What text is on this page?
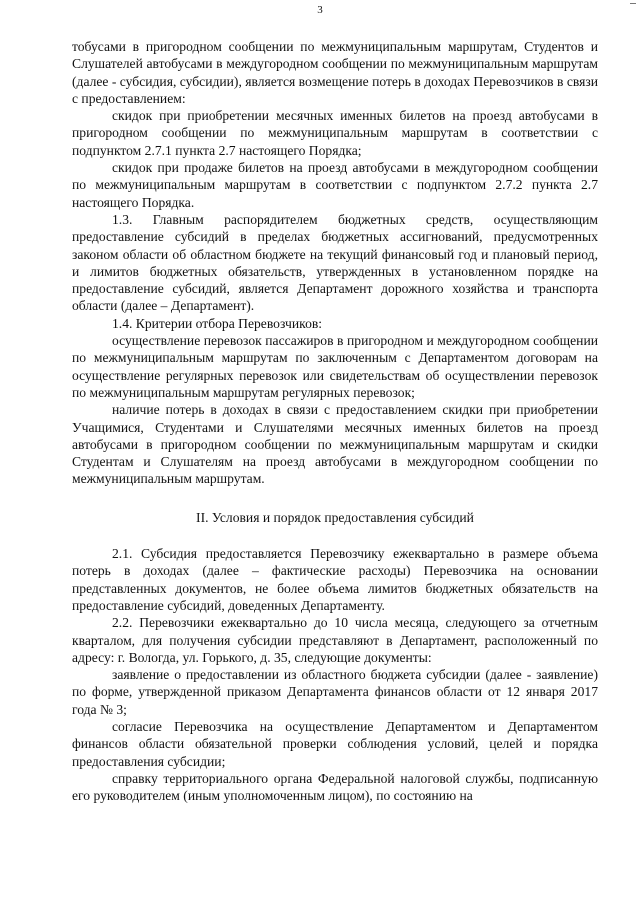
3

тобусами в пригородном сообщении по межмуниципальным маршрутам, Студентов и Слушателей автобусами в междугородном сообщении по межмуниципальным маршрутам (далее - субсидия, субсидии), является возмещение потерь в доходах Перевозчиков в связи с предоставлением:

скидок при приобретении месячных именных билетов на проезд автобусами в пригородном сообщении по межмуниципальным маршрутам в соответствии с подпунктом 2.7.1 пункта 2.7 настоящего Порядка;

скидок при продаже билетов на проезд автобусами в междугородном сообщении по межмуниципальным маршрутам в соответствии с подпунктом 2.7.2 пункта 2.7 настоящего Порядка.

1.3. Главным распорядителем бюджетных средств, осуществляющим предоставление субсидий в пределах бюджетных ассигнований, предусмотренных законом области об областном бюджете на текущий финансовый год и плановый период, и лимитов бюджетных обязательств, утвержденных в установленном порядке на предоставление субсидий, является Департамент дорожного хозяйства и транспорта области (далее – Департамент).

1.4. Критерии отбора Перевозчиков:

осуществление перевозок пассажиров в пригородном и междугородном сообщении по межмуниципальным маршрутам по заключенным с Департаментом договорам на осуществление регулярных перевозок или свидетельствам об осуществлении перевозок по межмуниципальным маршрутам регулярных перевозок;

наличие потерь в доходах в связи с предоставлением скидки при приобретении Учащимися, Студентами и Слушателями месячных именных билетов на проезд автобусами в пригородном сообщении по межмуниципальным маршрутам и скидки Студентам и Слушателям на проезд автобусами в междугородном сообщении по межмуниципальным маршрутам.

II. Условия и порядок предоставления субсидий

2.1. Субсидия предоставляется Перевозчику ежеквартально в размере объема потерь в доходах (далее – фактические расходы) Перевозчика на основании представленных документов, не более объема лимитов бюджетных обязательств на предоставление субсидий, доведенных Департаменту.

2.2. Перевозчики ежеквартально до 10 числа месяца, следующего за отчетным кварталом, для получения субсидии представляют в Департамент, расположенный по адресу: г. Вологда, ул. Горького, д. 35, следующие документы:

заявление о предоставлении из областного бюджета субсидии (далее - заявление) по форме, утвержденной приказом Департамента финансов области от 12 января 2017 года № 3;

согласие Перевозчика на осуществление Департаментом и Департаментом финансов области обязательной проверки соблюдения условий, целей и порядка предоставления субсидии;

справку территориального органа Федеральной налоговой службы, подписанную его руководителем (иным уполномоченным лицом), по состоянию на
